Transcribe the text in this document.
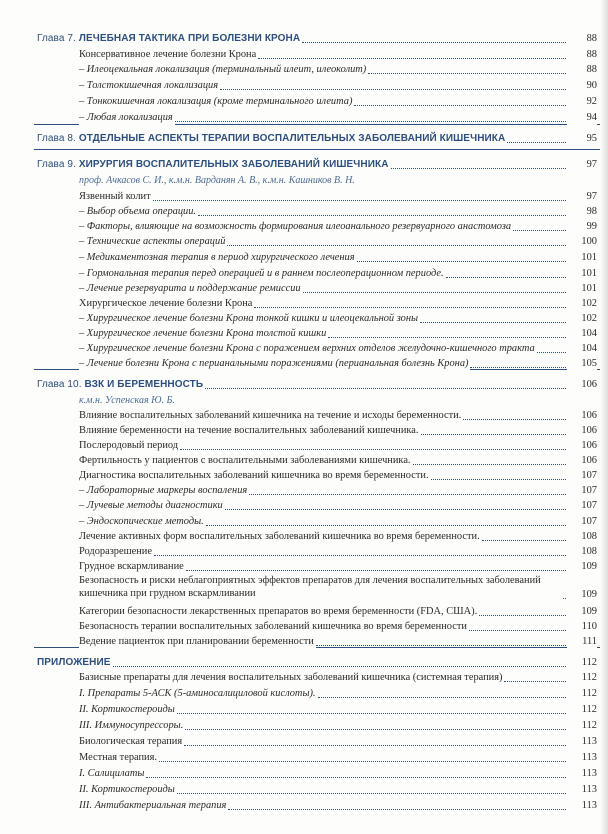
Глава 7. ЛЕЧЕБНАЯ ТАКТИКА ПРИ БОЛЕЗНИ КРОНА	88
Консервативное лечение болезни Крона	88
– Илеоцекальная локализация (терминальный илеит, илеоколит)	88
– Толстокишечная локализация	90
– Тонкокишечная локализация (кроме терминального илеита)	92
– Любая локализация	94
Глава 8. ОТДЕЛЬНЫЕ АСПЕКТЫ ТЕРАПИИ ВОСПАЛИТЕЛЬНЫХ ЗАБОЛЕВАНИЙ КИШЕЧНИКА	95
Глава 9. ХИРУРГИЯ ВОСПАЛИТЕЛЬНЫХ ЗАБОЛЕВАНИЙ КИШЕЧНИКА	97
проф. Ачкасов С. И., к.м.н. Варданян А. В., к.м.н. Кашников В. Н.
Язвенный колит	97
– Выбор объема операции.	98
– Факторы, влияющие на возможность формирования илеоанального резервуарного анастомоза	99
– Технические аспекты операций	100
– Медикаментозная терапия в период хирургического лечения	101
– Гормональная терапия перед операцией и в раннем послеоперационном периоде.	101
– Лечение резервуарита и поддержание ремиссии	101
Хирургическое лечение болезни Крона	102
– Хирургическое лечение болезни Крона тонкой кишки и илеоцекальной зоны	102
– Хирургическое лечение болезни Крона толстой кишки	104
– Хирургическое лечение болезни Крона с поражением верхних отделов желудочно-кишечного тракта	104
– Лечение болезни Крона с перианальными поражениями (перианальная болезнь Крона)	105
Глава 10. ВЗК И БЕРЕМЕННОСТЬ	106
к.м.н. Успенская Ю. Б.
Влияние воспалительных заболеваний кишечника на течение и исходы беременности.	106
Влияние беременности на течение воспалительных заболеваний кишечника.	106
Послеродовый период	106
Фертильность у пациентов с воспалительными заболеваниями кишечника.	106
Диагностика воспалительных заболеваний кишечника во время беременности.	107
– Лабораторные маркеры воспаления	107
– Лучевые методы диагностики	107
– Эндоскопические методы.	107
Лечение активных форм воспалительных заболеваний кишечника во время беременности.	108
Родоразрешение	108
Грудное вскармливание	109
Безопасность и риски неблагоприятных эффектов препаратов для лечения воспалительных заболеваний кишечника при грудном вскармливании	109
Категории безопасности лекарственных препаратов во время беременности (FDA, США).	109
Безопасность терапии воспалительных заболеваний кишечника во время беременности	110
Ведение пациенток при планировании беременности	111
ПРИЛОЖЕНИЕ	112
Базисные препараты для лечения воспалительных заболеваний кишечника (системная терапия)	112
I. Препараты 5-АСК (5-аминосалициловой кислоты).	112
II. Кортикостероиды	112
III. Иммуносупрессоры.	112
Биологическая терапия	113
Местная терапия.	113
I. Салицилаты	113
II. Кортикостероиды	113
III. Антибактериальная терапия	113
